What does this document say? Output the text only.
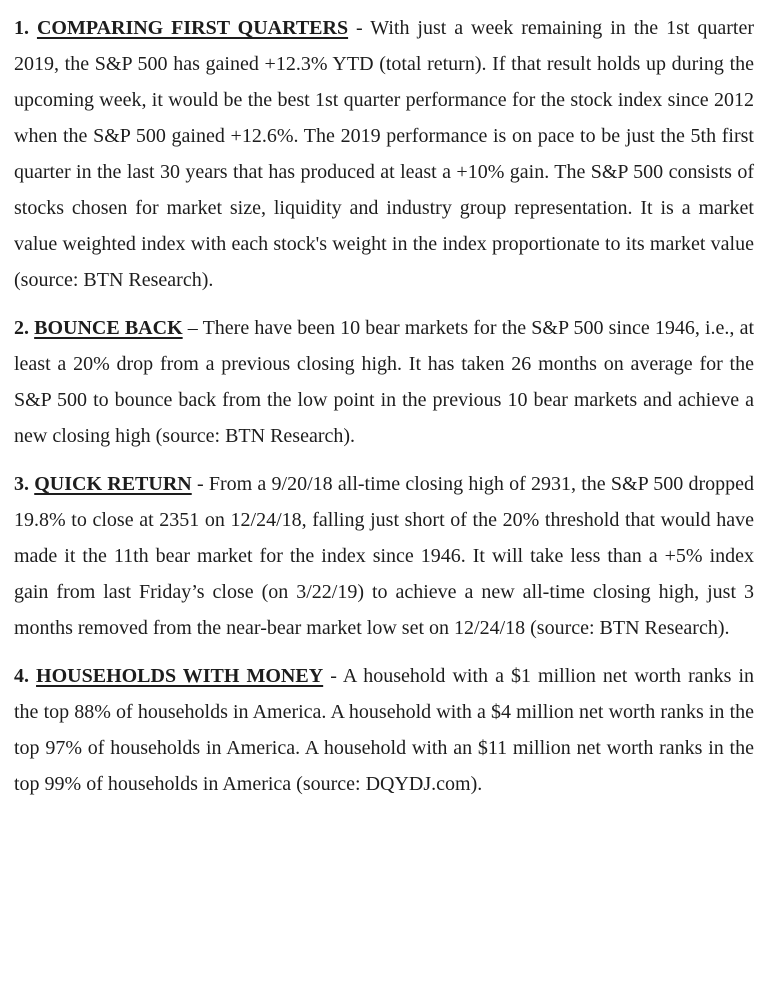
1. COMPARING FIRST QUARTERS - With just a week remaining in the 1st quarter 2019, the S&P 500 has gained +12.3% YTD (total return). If that result holds up during the upcoming week, it would be the best 1st quarter performance for the stock index since 2012 when the S&P 500 gained +12.6%. The 2019 performance is on pace to be just the 5th first quarter in the last 30 years that has produced at least a +10% gain. The S&P 500 consists of stocks chosen for market size, liquidity and industry group representation. It is a market value weighted index with each stock's weight in the index proportionate to its market value (source: BTN Research).

2. BOUNCE BACK – There have been 10 bear markets for the S&P 500 since 1946, i.e., at least a 20% drop from a previous closing high. It has taken 26 months on average for the S&P 500 to bounce back from the low point in the previous 10 bear markets and achieve a new closing high (source: BTN Research).

3. QUICK RETURN - From a 9/20/18 all-time closing high of 2931, the S&P 500 dropped 19.8% to close at 2351 on 12/24/18, falling just short of the 20% threshold that would have made it the 11th bear market for the index since 1946. It will take less than a +5% index gain from last Friday’s close (on 3/22/19) to achieve a new all-time closing high, just 3 months removed from the near-bear market low set on 12/24/18 (source: BTN Research).

4. HOUSEHOLDS WITH MONEY - A household with a $1 million net worth ranks in the top 88% of households in America. A household with a $4 million net worth ranks in the top 97% of households in America. A household with an $11 million net worth ranks in the top 99% of households in America (source: DQYDJ.com).
